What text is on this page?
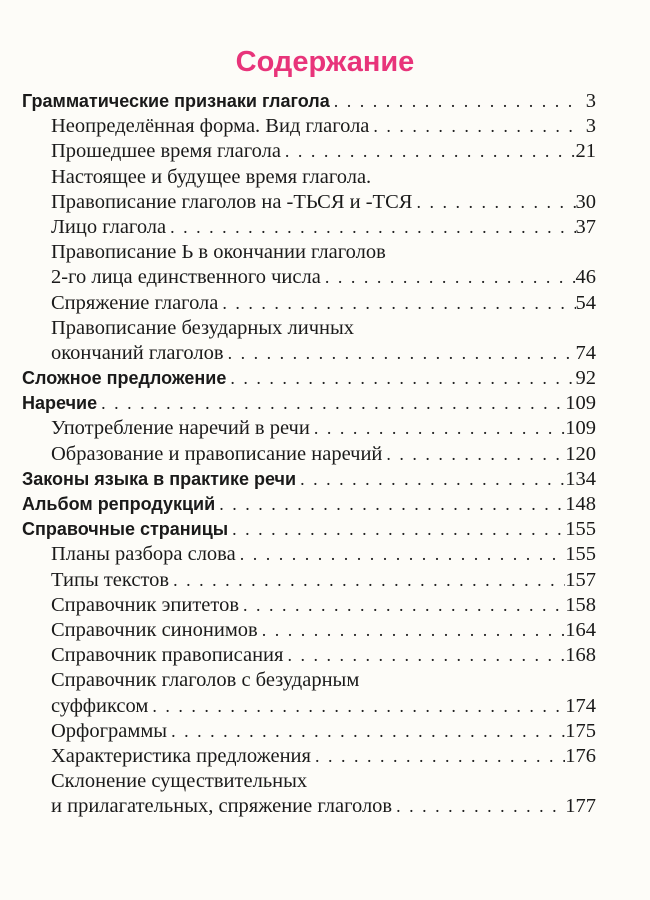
Содержание
Грамматические признаки глагола . . .	3
Неопределённая форма. Вид глагола . . .	3
Прошедшее время глагола . . .	21
Настоящее и будущее время глагола.
Правописание глаголов на -ТЬСЯ и -ТСЯ . . .	30
Лицо глагола . . .	37
Правописание Ь в окончании глаголов
2-го лица единственного числа . . .	46
Спряжение глагола . . .	54
Правописание безударных личных
окончаний глаголов . . .	74
Сложное предложение . . .	92
Наречие . . .	109
Употребление наречий в речи . . .	109
Образование и правописание наречий . . .	120
Законы языка в практике речи . . .	134
Альбом репродукций . . .	148
Справочные страницы . . .	155
Планы разбора слова . . .	155
Типы текстов . . .	157
Справочник эпитетов . . .	158
Справочник синонимов . . .	164
Справочник правописания . . .	168
Справочник глаголов с безударным
суффиксом . . .	174
Орфограммы . . .	175
Характеристика предложения . . .	176
Склонение существительных
и прилагательных, спряжение глаголов . . .	177
